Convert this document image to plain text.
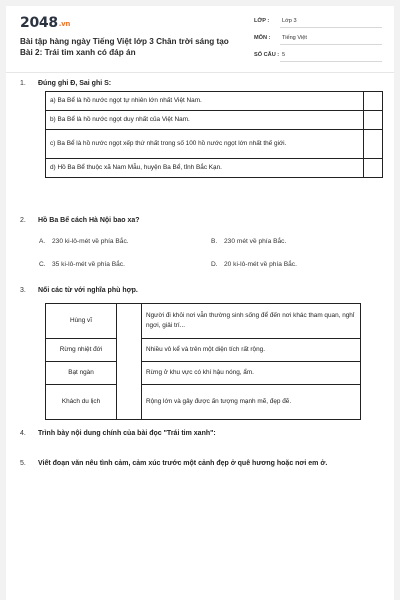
2048.vn
Bài tập hàng ngày Tiếng Việt lớp 3 Chân trời sáng tạo Bài 2: Trái tim xanh có đáp án
LỚP : Lớp 3
MÔN : Tiếng Việt
SỐ CÂU : 5
1. Đúng ghi Đ, Sai ghi S:
a) Ba Bể là hồ nước ngọt tự nhiên lớn nhất Việt Nam.	
b) Ba Bể là hồ nước ngọt duy nhất của Việt Nam.	
c) Ba Bể là hồ nước ngọt xếp thứ nhất trong số 100 hồ nước ngọt lớn nhất thế giới.	
d) Hồ Ba Bể thuộc xã Nam Mẫu, huyện Ba Bể, tỉnh Bắc Kạn.	
2. Hồ Ba Bể cách Hà Nội bao xa?
A. 230 ki-lô-mét về phía Bắc.	B. 230 mét về phía Bắc.
C. 35 ki-lô-mét về phía Bắc.	D. 20 ki-lô-mét về phía Bắc.
3. Nối các từ với nghĩa phù hợp.
Hùng vĩ		Người đi khỏi nơi vẫn thường sinh sống để đến nơi khác tham quan, nghỉ ngơi, giải trí...
Rừng nhiệt đới		Nhiều vô kể và trên một diện tích rất rộng.
Bạt ngàn		Rừng ở khu vực có khí hậu nóng, ẩm.
Khách du lịch		Rộng lớn và gây được ấn tượng mạnh mẽ, đẹp đẽ.
4. Trình bày nội dung chính của bài đọc "Trái tim xanh":
5. Viết đoạn văn nêu tình cảm, cảm xúc trước một cảnh đẹp ở quê hương hoặc nơi em ở.
